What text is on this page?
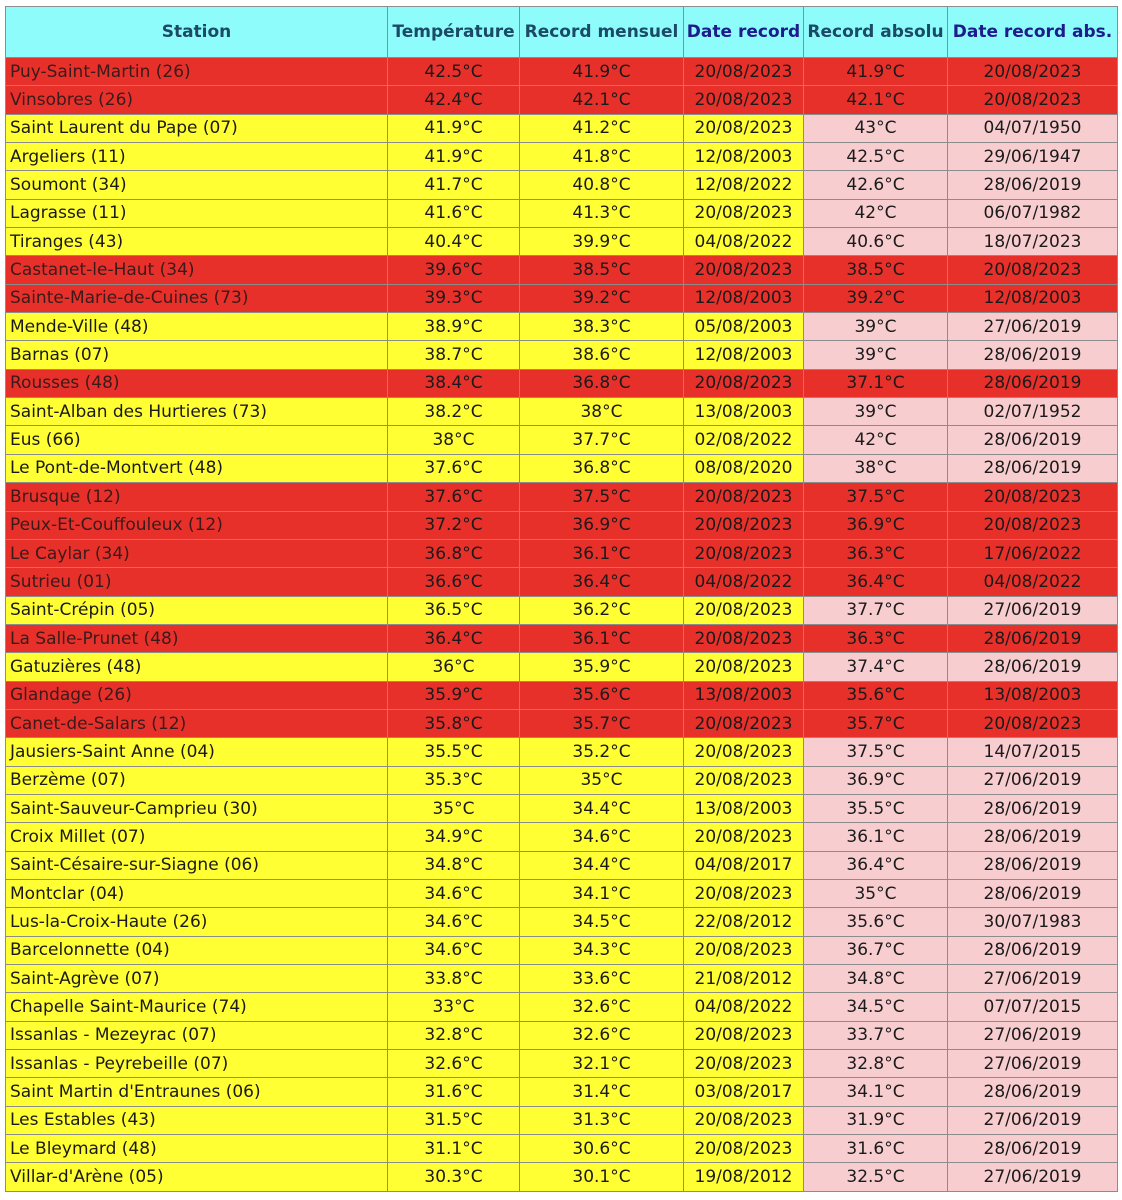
Station	Température	Record mensuel	Date record	Record absolu	Date record abs.
Puy-Saint-Martin (26)	42.5°C	41.9°C	20/08/2023	41.9°C	20/08/2023
Vinsobres (26)	42.4°C	42.1°C	20/08/2023	42.1°C	20/08/2023
Saint Laurent du Pape (07)	41.9°C	41.2°C	20/08/2023	43°C	04/07/1950
Argeliers (11)	41.9°C	41.8°C	12/08/2003	42.5°C	29/06/1947
Soumont (34)	41.7°C	40.8°C	12/08/2022	42.6°C	28/06/2019
Lagrasse (11)	41.6°C	41.3°C	20/08/2023	42°C	06/07/1982
Tiranges (43)	40.4°C	39.9°C	04/08/2022	40.6°C	18/07/2023
Castanet-le-Haut (34)	39.6°C	38.5°C	20/08/2023	38.5°C	20/08/2023
Sainte-Marie-de-Cuines (73)	39.3°C	39.2°C	12/08/2003	39.2°C	12/08/2003
Mende-Ville (48)	38.9°C	38.3°C	05/08/2003	39°C	27/06/2019
Barnas (07)	38.7°C	38.6°C	12/08/2003	39°C	28/06/2019
Rousses (48)	38.4°C	36.8°C	20/08/2023	37.1°C	28/06/2019
Saint-Alban des Hurtieres (73)	38.2°C	38°C	13/08/2003	39°C	02/07/1952
Eus (66)	38°C	37.7°C	02/08/2022	42°C	28/06/2019
Le Pont-de-Montvert (48)	37.6°C	36.8°C	08/08/2020	38°C	28/06/2019
Brusque (12)	37.6°C	37.5°C	20/08/2023	37.5°C	20/08/2023
Peux-Et-Couffouleux (12)	37.2°C	36.9°C	20/08/2023	36.9°C	20/08/2023
Le Caylar (34)	36.8°C	36.1°C	20/08/2023	36.3°C	17/06/2022
Sutrieu (01)	36.6°C	36.4°C	04/08/2022	36.4°C	04/08/2022
Saint-Crépin (05)	36.5°C	36.2°C	20/08/2023	37.7°C	27/06/2019
La Salle-Prunet (48)	36.4°C	36.1°C	20/08/2023	36.3°C	28/06/2019
Gatuzières (48)	36°C	35.9°C	20/08/2023	37.4°C	28/06/2019
Glandage (26)	35.9°C	35.6°C	13/08/2003	35.6°C	13/08/2003
Canet-de-Salars (12)	35.8°C	35.7°C	20/08/2023	35.7°C	20/08/2023
Jausiers-Saint Anne (04)	35.5°C	35.2°C	20/08/2023	37.5°C	14/07/2015
Berzème (07)	35.3°C	35°C	20/08/2023	36.9°C	27/06/2019
Saint-Sauveur-Camprieu (30)	35°C	34.4°C	13/08/2003	35.5°C	28/06/2019
Croix Millet (07)	34.9°C	34.6°C	20/08/2023	36.1°C	28/06/2019
Saint-Césaire-sur-Siagne (06)	34.8°C	34.4°C	04/08/2017	36.4°C	28/06/2019
Montclar (04)	34.6°C	34.1°C	20/08/2023	35°C	28/06/2019
Lus-la-Croix-Haute (26)	34.6°C	34.5°C	22/08/2012	35.6°C	30/07/1983
Barcelonnette (04)	34.6°C	34.3°C	20/08/2023	36.7°C	28/06/2019
Saint-Agrève (07)	33.8°C	33.6°C	21/08/2012	34.8°C	27/06/2019
Chapelle Saint-Maurice (74)	33°C	32.6°C	04/08/2022	34.5°C	07/07/2015
Issanlas - Mezeyrac (07)	32.8°C	32.6°C	20/08/2023	33.7°C	27/06/2019
Issanlas - Peyrebeille (07)	32.6°C	32.1°C	20/08/2023	32.8°C	27/06/2019
Saint Martin d'Entraunes (06)	31.6°C	31.4°C	03/08/2017	34.1°C	28/06/2019
Les Estables (43)	31.5°C	31.3°C	20/08/2023	31.9°C	27/06/2019
Le Bleymard (48)	31.1°C	30.6°C	20/08/2023	31.6°C	28/06/2019
Villar-d'Arène (05)	30.3°C	30.1°C	19/08/2012	32.5°C	27/06/2019
